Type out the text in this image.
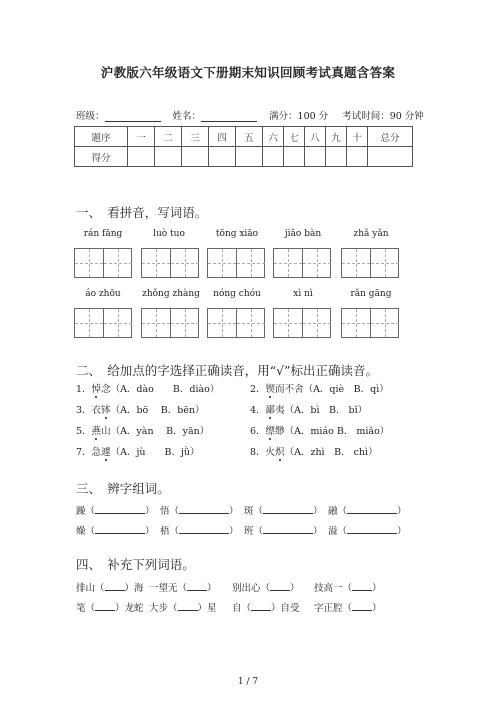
沪教版六年级语文下册期末知识回顾考试真题含答案
班级：	姓名：	满分：100 分 考试时间：90 分钟
题序	一	二	三	四	五	六	七	八	九	十	总分
得分											
一、　看拼音，写词语。
rán fāng	luò tuo	tōng xiāo	jiǎo bàn	zhǎ yǎn
áo zhōu	zhǒng zhàng	nóng chóu	xì nì	rǎn gāng
二、　给加点的字选择正确读音，用“√”标出正确读音。
1．悼念（A．dào　　B．diào）	2．锲而不舍（A．qiè　B．qì）
3．衣钵（A．bō　 B．bēn）	4．鄙夷（A．bì　B． bǐ）
5．燕山（A．yàn　 B．yān）	6．缥缈（A．miáo B． miǎo）
7．急遽（A．jù　　B．jǜ）	8．火炽（A．zhì　B． chì）
三、　辨字组词。
躁（	） 悟（	） 斑（	） 融（	）
燥（	） 梧（	） 班（	） 溢（	）
四、　补充下列词语。
排山（ ）海 一望无（ ） 别出心（ ） 技高一（ ）
笔（ ）龙蛇 大步（ ）星 自（ ）自受 字正腔（ ）
1 / 7
